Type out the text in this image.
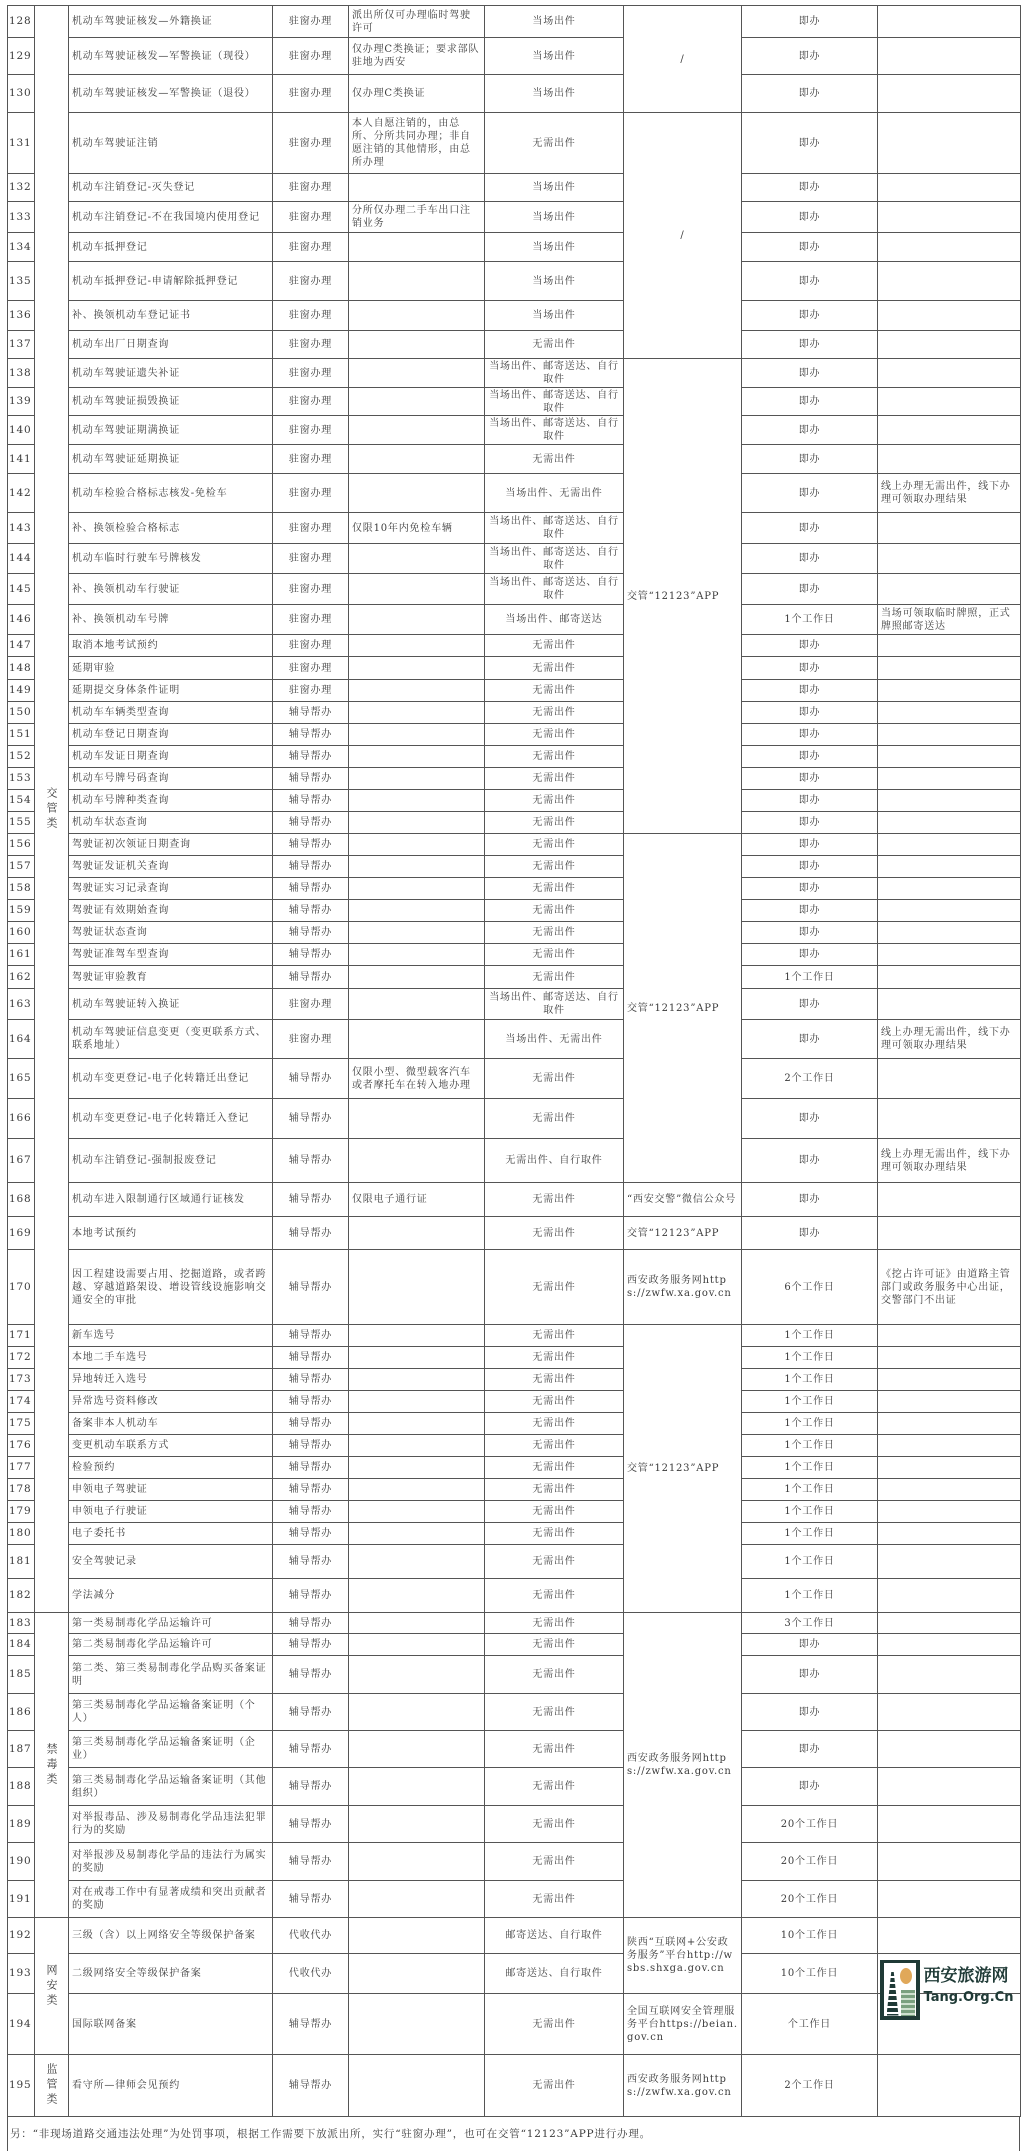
128	交管类	机动车驾驶证核发—外籍换证	驻窗办理	派出所仅可办理临时驾驶许可	当场出件	/	即办	
129		机动车驾驶证核发—军警换证（现役）	驻窗办理	仅办理C类换证；要求部队驻地为西安	当场出件		即办	
130		机动车驾驶证核发—军警换证（退役）	驻窗办理	仅办理C类换证	当场出件		即办	
131		机动车驾驶证注销	驻窗办理	本人自愿注销的，由总所、分所共同办理；非自愿注销的其他情形，由总所办理	无需出件	/	即办	
132		机动车注销登记-灭失登记	驻窗办理		当场出件		即办	
133		机动车注销登记-不在我国境内使用登记	驻窗办理	分所仅办理二手车出口注销业务	当场出件		即办	
134		机动车抵押登记	驻窗办理		当场出件		即办	
135		机动车抵押登记-申请解除抵押登记	驻窗办理		当场出件		即办	
136		补、换领机动车登记证书	驻窗办理		当场出件		即办	
137		机动车出厂日期查询	驻窗办理		无需出件		即办	
138		机动车驾驶证遗失补证	驻窗办理		当场出件、邮寄送达、自行取件	交管“12123”APP	即办	
139		机动车驾驶证损毁换证	驻窗办理		当场出件、邮寄送达、自行取件		即办	
140		机动车驾驶证期满换证	驻窗办理		当场出件、邮寄送达、自行取件		即办	
141		机动车驾驶证延期换证	驻窗办理		无需出件		即办	
142		机动车检验合格标志核发-免检车	驻窗办理		当场出件、无需出件		即办	线上办理无需出件，线下办理可领取办理结果
143		补、换领检验合格标志	驻窗办理	仅限10年内免检车辆	当场出件、邮寄送达、自行取件		即办	
144		机动车临时行驶车号牌核发	驻窗办理		当场出件、邮寄送达、自行取件		即办	
145		补、换领机动车行驶证	驻窗办理		当场出件、邮寄送达、自行取件		即办	
146		补、换领机动车号牌	驻窗办理		当场出件、邮寄送达		1个工作日	当场可领取临时牌照，正式牌照邮寄送达
147		取消本地考试预约	驻窗办理		无需出件		即办	
148		延期审验	驻窗办理		无需出件		即办	
149		延期提交身体条件证明	驻窗办理		无需出件		即办	
150		机动车车辆类型查询	辅导帮办		无需出件		即办	
151		机动车登记日期查询	辅导帮办		无需出件		即办	
152		机动车发证日期查询	辅导帮办		无需出件		即办	
153		机动车号牌号码查询	辅导帮办		无需出件		即办	
154		机动车号牌种类查询	辅导帮办		无需出件		即办	
155		机动车状态查询	辅导帮办		无需出件		即办	
156		驾驶证初次领证日期查询	辅导帮办		无需出件	交管“12123”APP	即办	
157		驾驶证发证机关查询	辅导帮办		无需出件		即办	
158		驾驶证实习记录查询	辅导帮办		无需出件		即办	
159		驾驶证有效期始查询	辅导帮办		无需出件		即办	
160		驾驶证状态查询	辅导帮办		无需出件		即办	
161		驾驶证准驾车型查询	辅导帮办		无需出件		即办	
162		驾驶证审验教育	辅导帮办		无需出件		1个工作日	
163		机动车驾驶证转入换证	驻窗办理		当场出件、邮寄送达、自行取件		即办	
164		机动车驾驶证信息变更（变更联系方式、联系地址）	驻窗办理		当场出件、无需出件		即办	线上办理无需出件，线下办理可领取办理结果
165		机动车变更登记-电子化转籍迁出登记	辅导帮办	仅限小型、微型载客汽车或者摩托车在转入地办理	无需出件		2个工作日	
166		机动车变更登记-电子化转籍迁入登记	辅导帮办		无需出件		即办	
167		机动车注销登记-强制报废登记	辅导帮办		无需出件、自行取件		即办	线上办理无需出件，线下办理可领取办理结果
168		机动车进入限制通行区域通行证核发	辅导帮办	仅限电子通行证	无需出件	“西安交警”微信公众号	即办	
169		本地考试预约	辅导帮办		无需出件	交管“12123”APP	即办	
170		因工程建设需要占用、挖掘道路，或者跨越、穿越道路架设、增设管线设施影响交通安全的审批	辅导帮办		无需出件	西安政务服务网https://zwfw.xa.gov.cn	6个工作日	《挖占许可证》由道路主管部门或政务服务中心出证，交警部门不出证
171		新车选号	辅导帮办		无需出件	交管“12123”APP	1个工作日	
172		本地二手车选号	辅导帮办		无需出件		1个工作日	
173		异地转迁入选号	辅导帮办		无需出件		1个工作日	
174		异常选号资料修改	辅导帮办		无需出件		1个工作日	
175		备案非本人机动车	辅导帮办		无需出件		1个工作日	
176		变更机动车联系方式	辅导帮办		无需出件		1个工作日	
177		检验预约	辅导帮办		无需出件		1个工作日	
178		申领电子驾驶证	辅导帮办		无需出件		1个工作日	
179		申领电子行驶证	辅导帮办		无需出件		1个工作日	
180		电子委托书	辅导帮办		无需出件		1个工作日	
181		安全驾驶记录	辅导帮办		无需出件		1个工作日	
182		学法减分	辅导帮办		无需出件		1个工作日	
183	禁毒类	第一类易制毒化学品运输许可	辅导帮办		无需出件	西安政务服务网https://zwfw.xa.gov.cn	3个工作日	
184		第二类易制毒化学品运输许可	辅导帮办		无需出件		即办	
185		第二类、第三类易制毒化学品购买备案证明	辅导帮办		无需出件		即办	
186		第三类易制毒化学品运输备案证明（个人）	辅导帮办		无需出件		即办	
187		第三类易制毒化学品运输备案证明（企业）	辅导帮办		无需出件		即办	
188		第三类易制毒化学品运输备案证明（其他组织）	辅导帮办		无需出件		即办	
189		对举报毒品、涉及易制毒化学品违法犯罪行为的奖励	辅导帮办		无需出件		20个工作日	
190		对举报涉及易制毒化学品的违法行为属实的奖励	辅导帮办		无需出件		20个工作日	
191		对在戒毒工作中有显著成绩和突出贡献者的奖励	辅导帮办		无需出件		20个工作日	
192	网安类	三级（含）以上网络安全等级保护备案	代收代办		邮寄送达、自行取件	陕西“互联网+公安政务服务”平台http://wsbs.shxga.gov.cn	10个工作日	
193		二级网络安全等级保护备案	代收代办		邮寄送达、自行取件		10个工作日	
194		国际联网备案	辅导帮办		无需出件	全国互联网安全管理服务平台https://beian.gov.cn	个工作日	
195	监管类	看守所—律师会见预约	辅导帮办		无需出件	西安政务服务网https://zwfw.xa.gov.cn	2个工作日	
另：“非现场道路交通违法处理”为处罚事项，根据工作需要下放派出所，实行“驻窗办理”，也可在交管“12123”APP进行办理。
西安旅游网
Tang.Org.Cn
